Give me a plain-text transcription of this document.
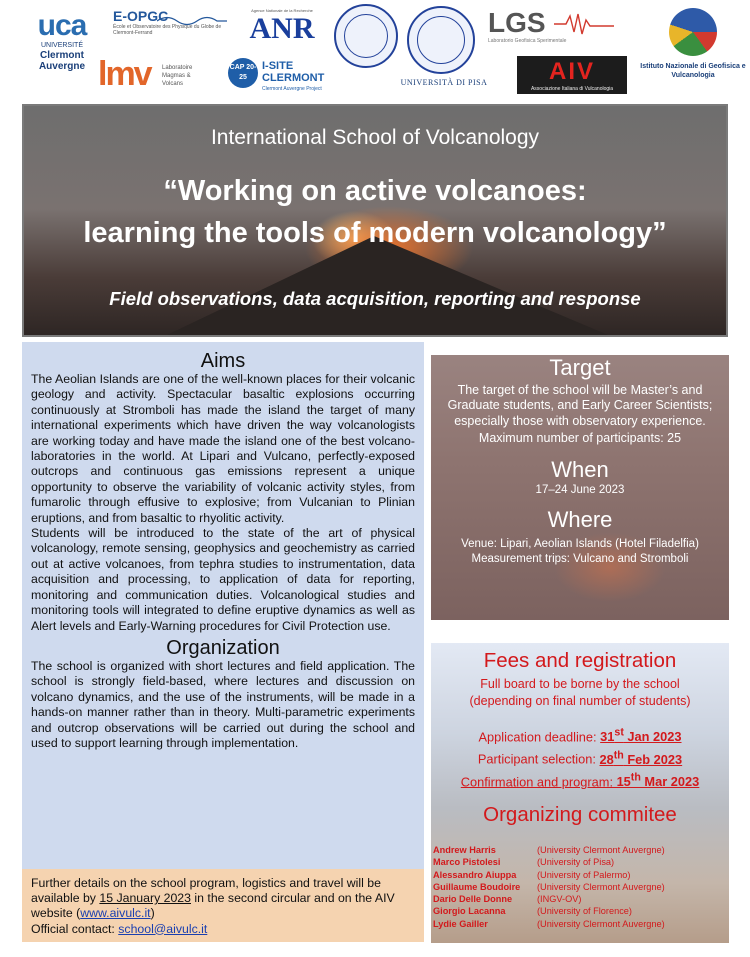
uca
UNIVERSITÉ
Clermont
Auvergne
E-OPGC
École et Observatoire des Physique du Globe de Clermont-Ferrand
Agence Nationale de la Recherche
ANR
UNIVERSITÀ DI PISA
LGS
Laboratorio Geofisica Sperimentale
Istituto Nazionale di Geofisica e Vulcanologia
lmv	Laboratoire Magmas & Volcans
CAP 20-25
I-SITE
CLERMONT
Clermont Auvergne Project
AIV
Associazione Italiana di Vulcanologia
International School of Volcanology
“Working on active volcanoes:
learning the tools of modern volcanology”
Field observations, data acquisition, reporting and response
Aims

The Aeolian Islands are one of the well-known places for their volcanic geology and activity. Spectacular basaltic explosions occurring continuously at Stromboli has made the island the target of many international experiments which have driven the way volcanologists are working today and have made the island one of the best volcano-laboratories in the world. At Lipari and Vulcano, perfectly-exposed outcrops and continuous gas emissions represent a unique opportunity to observe the variability of volcanic activity styles, from fumarolic through effusive to explosive; from Vulcanian to Plinian eruptions, and from basaltic to rhyolitic activity.

Students will be introduced to the state of the art of physical volcanology, remote sensing, geophysics and geochemistry as carried out at active volcanoes, from tephra studies to instrumentation, data acquisition and processing, to application of data for reporting, monitoring and communication duties. Volcanological studies and monitoring tools will integrated to define eruptive dynamics as well as Alert levels and Early-Warning procedures for Civil Protection use.

Organization

The school is organized with short lectures and field application. The school is strongly field-based, where lectures and discussion on volcano dynamics, and the use of the instruments, will be made in a hands-on manner rather than in theory. Multi-parametric experiments and outcrop observations will be carried out during the school and used to support learning through implementation.

Further details on the school program, logistics and travel will be available by 15 January 2023 in the second circular and on the AIV website (www.aivulc.it)
Official contact: school@aivulc.it
Target
The target of the school will be Master’s and Graduate students, and Early Career Scientists; especially those with observatory experience.
Maximum number of participants: 25
When
17–24 June 2023
Where
Venue: Lipari, Aeolian Islands (Hotel Filadelfia)
Measurement trips: Vulcano and Stromboli
Fees and registration
Full board to be borne by the school
(depending on final number of students)
Application deadline: 31st Jan 2023
Participant selection: 28th Feb 2023
Confirmation and program: 15th Mar 2023
Organizing commitee
Andrew Harris	(University Clermont Auvergne)
Marco Pistolesi	(University of Pisa)
Alessandro Aiuppa	(University of Palermo)
Guillaume Boudoire	(University Clermont Auvergne)
Dario Delle Donne	(INGV-OV)
Giorgio Lacanna	(University of Florence)
Lydie Gailler	(University Clermont Auvergne)
